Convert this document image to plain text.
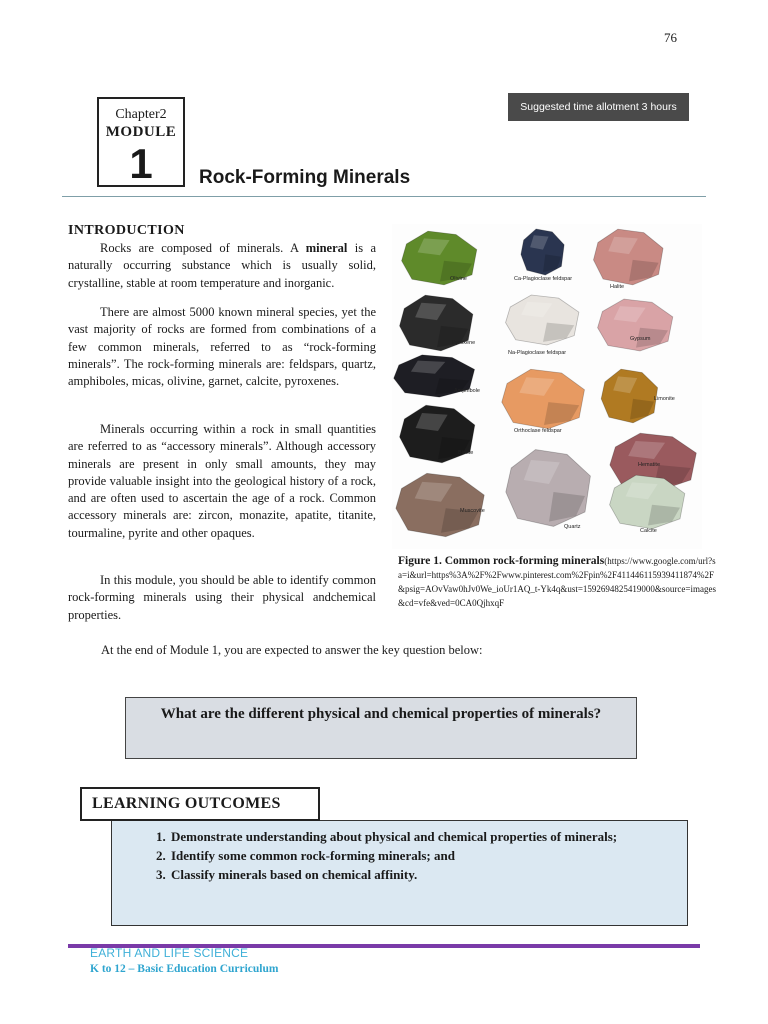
76
Chapter2
MODULE
1	Rock-Forming Minerals
Suggested time allotment 3 hours
INTRODUCTION
Rocks are composed of minerals. A mineral is a naturally occurring substance which is usually solid, crystalline, stable at room temperature and inorganic.
There are almost 5000 known mineral species, yet the vast majority of rocks are formed from combinations of a few common minerals, referred to as “rock-forming minerals”. The rock-forming minerals are: feldspars, quartz, amphiboles, micas, olivine, garnet, calcite, pyroxenes.
Minerals occurring within a rock in small quantities are referred to as “accessory minerals”. Although accessory minerals are present in only small amounts, they may provide valuable insight into the geological history of a rock, and are often used to ascertain the age of a rock. Common accessory minerals are: zircon, monazite, apatite, titanite, tourmaline, pyrite and other opaques.
In this module, you should be able to identify common rock-forming minerals using their physical andchemical properties.
Olivine	Ca-Plagioclase feldspar
Halite
Pyroxene
Na-Plagioclase feldspar
Gypsum
Amphibole
Orthoclase feldspar
Limonite
Biotite
Hematite
Muscovite
Quartz
Calcite
Figure 1. Common rock-forming minerals(https://www.google.com/url?sa=i&url=https%3A%2F%2Fwww.pinterest.com%2Fpin%2F411446115939411874%2F&psig=AOvVaw0hJv0We_ioUr1AQ_t-Yk4q&ust=1592694825419000&source=images&cd=vfe&ved=0CA0QjhxqF
At the end of Module 1, you are expected to answer the key question below:
What are the different physical and chemical properties of minerals?
1. Demonstrate understanding about physical and chemical properties of minerals;
2. Identify some common rock-forming minerals; and
3. Classify minerals based on chemical affinity.
LEARNING OUTCOMES
EARTH AND LIFE SCIENCE
K to 12 – Basic Education Curriculum
